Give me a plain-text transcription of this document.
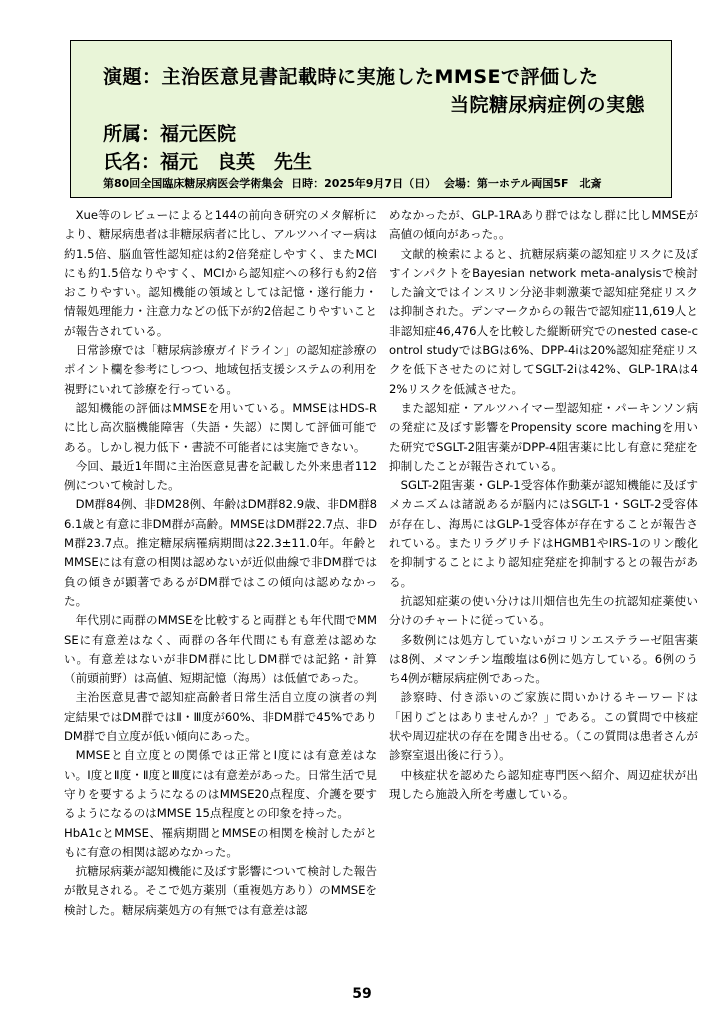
演題：主治医意見書記載時に実施したMMSEで評価した
当院糖尿病症例の実態
所属：福元医院
氏名：福元　良英　先生
第80回全国臨床糖尿病医会学術集会 日時：2025年9月7日（日） 会場：第一ホテル両国5F　北斎

Xue等のレビューによると144の前向き研究のメタ解析により、糖尿病患者は非糖尿病者に比し、アルツハイマー病は約1.5倍、脳血管性認知症は約2倍発症しやすく、またMCIにも約1.5倍なりやすく、MCIから認知症への移行も約2倍おこりやすい。認知機能の領域としては記憶・遂行能力・情報処理能力・注意力などの低下が約2倍起こりやすいことが報告されている。

日常診療では「糖尿病診療ガイドライン」の認知症診療のポイント欄を参考にしつつ、地域包括支援システムの利用を視野にいれて診療を行っている。

認知機能の評価はMMSEを用いている。MMSEはHDS-Rに比し高次脳機能障害（失語・失認）に関して評価可能である。しかし視力低下・書読不可能者には実施できない。

今回、最近1年間に主治医意見書を記載した外来患者112例について検討した。

DM群84例、非DM28例、年齢はDM群82.9歳、非DM群86.1歳と有意に非DM群が高齢。MMSEはDM群22.7点、非DM群23.7点。推定糖尿病罹病期間は22.3±11.0年。年齢とMMSEには有意の相関は認めないが近似曲線で非DM群では負の傾きが顕著であるがDM群ではこの傾向は認めなかった。

年代別に両群のMMSEを比較すると両群とも年代間でMMSEに有意差はなく、両群の各年代間にも有意差は認めない。有意差はないが非DM群に比しDM群では記銘・計算（前頭前野）は高値、短期記憶（海馬）は低値であった。

主治医意見書で認知症高齢者日常生活自立度の演者の判定結果ではDM群ではⅡ・Ⅲ度が60%、非DM群で45%でありDM群で自立度が低い傾向にあった。

MMSEと自立度との関係では正常とⅠ度には有意差はない。Ⅰ度とⅡ度・Ⅱ度とⅢ度には有意差があった。日常生活で見守りを要するようになるのはMMSE20点程度、介護を要するようになるのはMMSE 15点程度との印象を持った。

HbA1cとMMSE、罹病期間とMMSEの相関を検討したがともに有意の相関は認めなかった。

抗糖尿病薬が認知機能に及ぼす影響について検討した報告が散見される。そこで処方薬別（重複処方あり）のMMSEを検討した。糖尿病薬処方の有無では有意差は認

めなかったが、GLP-1RAあり群ではなし群に比しMMSEが高値の傾向があった。。

文献的検索によると、抗糖尿病薬の認知症リスクに及ぼすインパクトをBayesian network meta-analysisで検討した論文ではインスリン分泌非刺激薬で認知症発症リスクは抑制された。デンマークからの報告で認知症11,619人と非認知症46,476人を比較した縦断研究でのnested case-control studyではBGは6%、DPP-4iは20%認知症発症リスクを低下させたのに対してSGLT-2iは42%、GLP-1RAは42%リスクを低減させた。

また認知症・アルツハイマー型認知症・パーキンソン病の発症に及ぼす影響をPropensity score machingを用いた研究でSGLT-2阻害薬がDPP-4阻害薬に比し有意に発症を抑制したことが報告されている。

SGLT-2阻害薬・GLP-1受容体作動薬が認知機能に及ぼすメカニズムは諸説あるが脳内にはSGLT-1・SGLT-2受容体が存在し、海馬にはGLP-1受容体が存在することが報告されている。またリラグリチドはHGMB1やIRS-1のリン酸化を抑制することにより認知症発症を抑制するとの報告がある。

抗認知症薬の使い分けは川畑信也先生の抗認知症薬使い分けのチャートに従っている。

多数例には処方していないがコリンエステラーゼ阻害薬は8例、メマンチン塩酸塩は6例に処方している。6例のうち4例が糖尿病症例であった。

診察時、付き添いのご家族に問いかけるキーワードは「困りごとはありませんか？」である。この質問で中核症状や周辺症状の存在を聞き出せる。（この質問は患者さんが診察室退出後に行う）。

中核症状を認めたら認知症専門医へ紹介、周辺症状が出現したら施設入所を考慮している。

59
